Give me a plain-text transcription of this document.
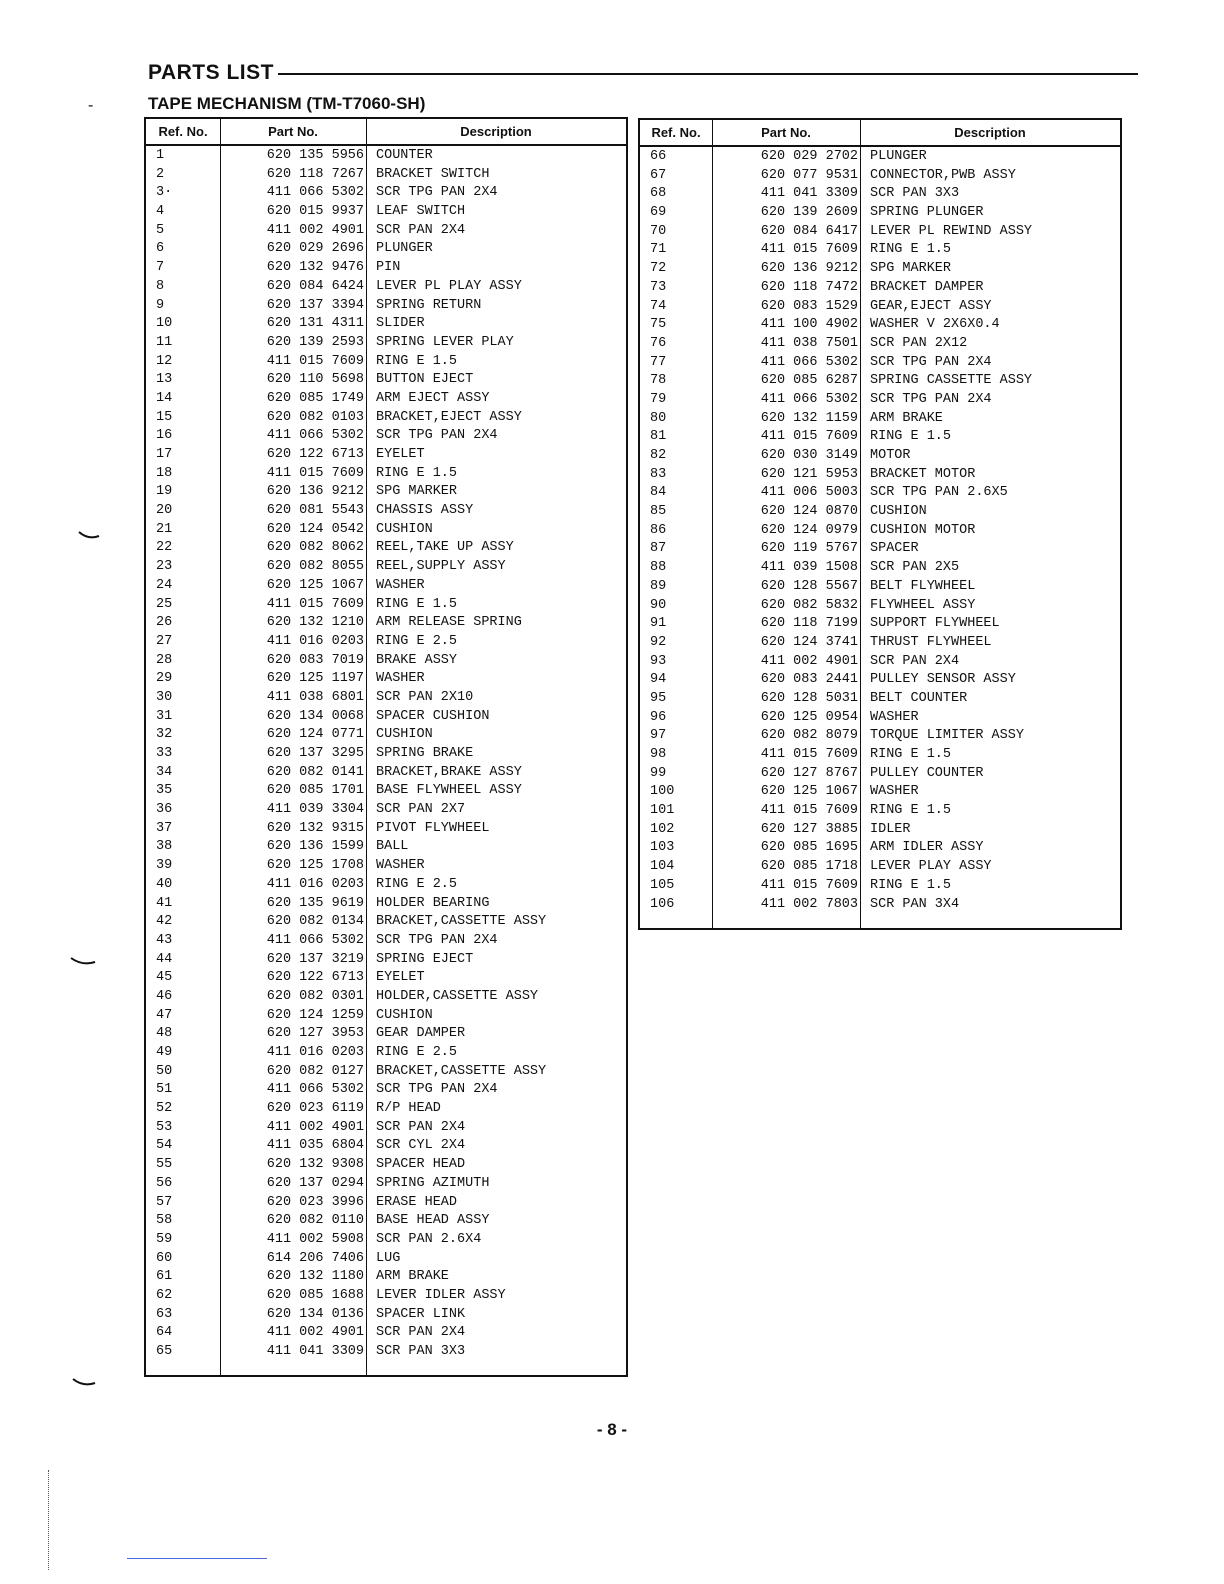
PARTS LIST
TAPE MECHANISM (TM-T7060-SH)
Ref. No.	Part No.	Description
1	620 135 5956 COUNTER
2	620 118 7267 BRACKET SWITCH
3·	411 066 5302 SCR TPG PAN 2X4
4	620 015 9937 LEAF SWITCH
5	411 002 4901 SCR PAN 2X4
6	620 029 2696 PLUNGER
7	620 132 9476 PIN
8	620 084 6424 LEVER PL PLAY ASSY
9	620 137 3394 SPRING RETURN
10	620 131 4311 SLIDER
11	620 139 2593 SPRING LEVER PLAY
12	411 015 7609 RING E 1.5
13	620 110 5698 BUTTON EJECT
14	620 085 1749 ARM EJECT ASSY
15	620 082 0103 BRACKET,EJECT ASSY
16	411 066 5302 SCR TPG PAN 2X4
17	620 122 6713 EYELET
18	411 015 7609 RING E 1.5
19	620 136 9212 SPG MARKER
20	620 081 5543 CHASSIS ASSY
21	620 124 0542 CUSHION
22	620 082 8062 REEL,TAKE UP ASSY
23	620 082 8055 REEL,SUPPLY ASSY
24	620 125 1067 WASHER
25	411 015 7609 RING E 1.5
26	620 132 1210 ARM RELEASE SPRING
27	411 016 0203 RING E 2.5
28	620 083 7019 BRAKE ASSY
29	620 125 1197 WASHER
30	411 038 6801 SCR PAN 2X10
31	620 134 0068 SPACER CUSHION
32	620 124 0771 CUSHION
33	620 137 3295 SPRING BRAKE
34	620 082 0141 BRACKET,BRAKE ASSY
35	620 085 1701 BASE FLYWHEEL ASSY
36	411 039 3304 SCR PAN 2X7
37	620 132 9315 PIVOT FLYWHEEL
38	620 136 1599 BALL
39	620 125 1708 WASHER
40	411 016 0203 RING E 2.5
41	620 135 9619 HOLDER BEARING
42	620 082 0134 BRACKET,CASSETTE ASSY
43	411 066 5302 SCR TPG PAN 2X4
44	620 137 3219 SPRING EJECT
45	620 122 6713 EYELET
46	620 082 0301 HOLDER,CASSETTE ASSY
47	620 124 1259 CUSHION
48	620 127 3953 GEAR DAMPER
49	411 016 0203 RING E 2.5
50	620 082 0127 BRACKET,CASSETTE ASSY
51	411 066 5302 SCR TPG PAN 2X4
52	620 023 6119 R/P HEAD
53	411 002 4901 SCR PAN 2X4
54	411 035 6804 SCR CYL 2X4
55	620 132 9308 SPACER HEAD
56	620 137 0294 SPRING AZIMUTH
57	620 023 3996 ERASE HEAD
58	620 082 0110 BASE HEAD ASSY
59	411 002 5908 SCR PAN 2.6X4
60	614 206 7406 LUG
61	620 132 1180 ARM BRAKE
62	620 085 1688 LEVER IDLER ASSY
63	620 134 0136 SPACER LINK
64	411 002 4901 SCR PAN 2X4
65	411 041 3309 SCR PAN 3X3
Ref. No.	Part No.	Description
66	620 029 2702 PLUNGER
67	620 077 9531 CONNECTOR,PWB ASSY
68	411 041 3309 SCR PAN 3X3
69	620 139 2609 SPRING PLUNGER
70	620 084 6417 LEVER PL REWIND ASSY
71	411 015 7609 RING E 1.5
72	620 136 9212 SPG MARKER
73	620 118 7472 BRACKET DAMPER
74	620 083 1529 GEAR,EJECT ASSY
75	411 100 4902 WASHER V 2X6X0.4
76	411 038 7501 SCR PAN 2X12
77	411 066 5302 SCR TPG PAN 2X4
78	620 085 6287 SPRING CASSETTE ASSY
79	411 066 5302 SCR TPG PAN 2X4
80	620 132 1159 ARM BRAKE
81	411 015 7609 RING E 1.5
82	620 030 3149 MOTOR
83	620 121 5953 BRACKET MOTOR
84	411 006 5003 SCR TPG PAN 2.6X5
85	620 124 0870 CUSHION
86	620 124 0979 CUSHION MOTOR
87	620 119 5767 SPACER
88	411 039 1508 SCR PAN 2X5
89	620 128 5567 BELT FLYWHEEL
90	620 082 5832 FLYWHEEL ASSY
91	620 118 7199 SUPPORT FLYWHEEL
92	620 124 3741 THRUST FLYWHEEL
93	411 002 4901 SCR PAN 2X4
94	620 083 2441 PULLEY SENSOR ASSY
95	620 128 5031 BELT COUNTER
96	620 125 0954 WASHER
97	620 082 8079 TORQUE LIMITER ASSY
98	411 015 7609 RING E 1.5
99	620 127 8767 PULLEY COUNTER
100	620 125 1067 WASHER
101	411 015 7609 RING E 1.5
102	620 127 3885 IDLER
103	620 085 1695 ARM IDLER ASSY
104	620 085 1718 LEVER PLAY ASSY
105	411 015 7609 RING E 1.5
106	411 002 7803 SCR PAN 3X4
- 8 -
‐
